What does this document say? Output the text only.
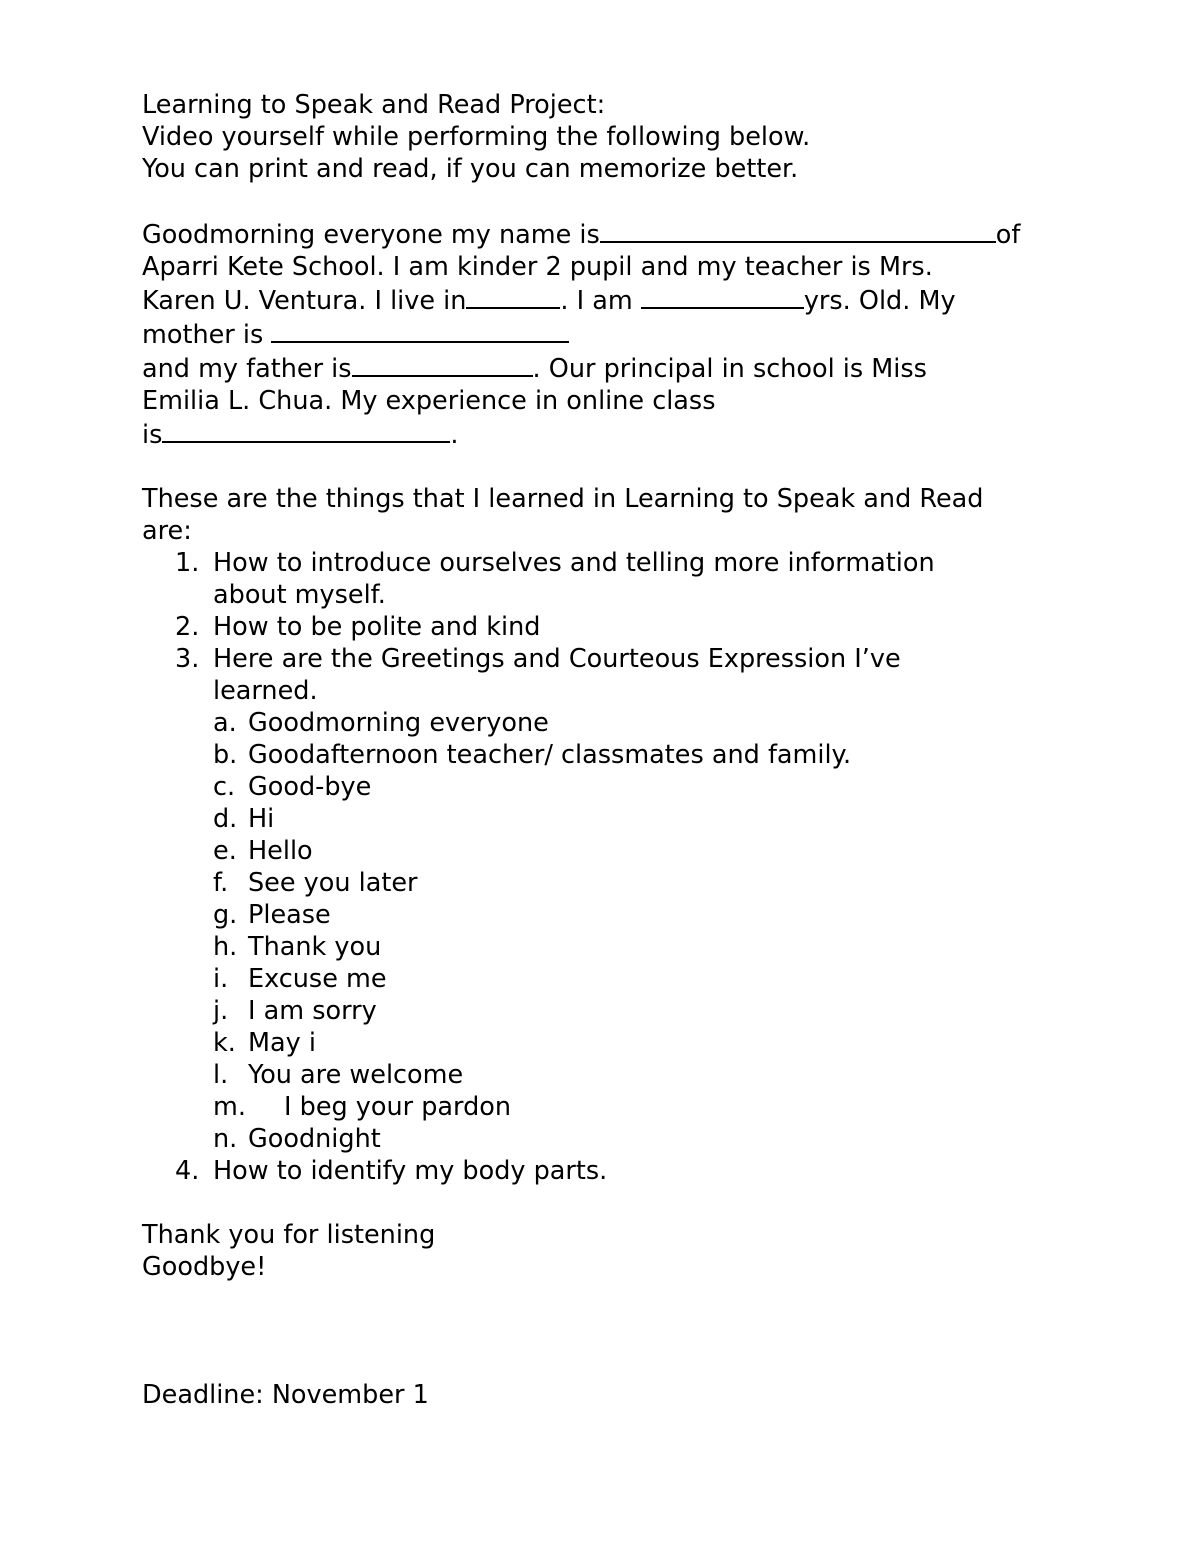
Learning to Speak and Read Project:
Video yourself while performing the following below.
You can print and read, if you can memorize better.
Goodmorning everyone my name is	of
Aparri Kete School. I am kinder 2 pupil and my teacher is Mrs.
Karen U. Ventura. I live in	. I am	yrs. Old. My
mother is
and my father is	. Our principal in school is Miss
Emilia L. Chua. My experience in online class
is	.
These are the things that I learned in Learning to Speak and Read
are:
1. How to introduce ourselves and telling more information
about myself.
2. How to be polite and kind
3. Here are the Greetings and Courteous Expression I’ve
learned.
a. Goodmorning everyone
b. Goodafternoon teacher/ classmates and family.
c. Good-bye
d. Hi
e. Hello
f. See you later
g. Please
h. Thank you
i. Excuse me
j. I am sorry
k. May i
l. You are welcome
m. I beg your pardon
n. Goodnight
4. How to identify my body parts.
Thank you for listening
Goodbye!
Deadline: November 1
